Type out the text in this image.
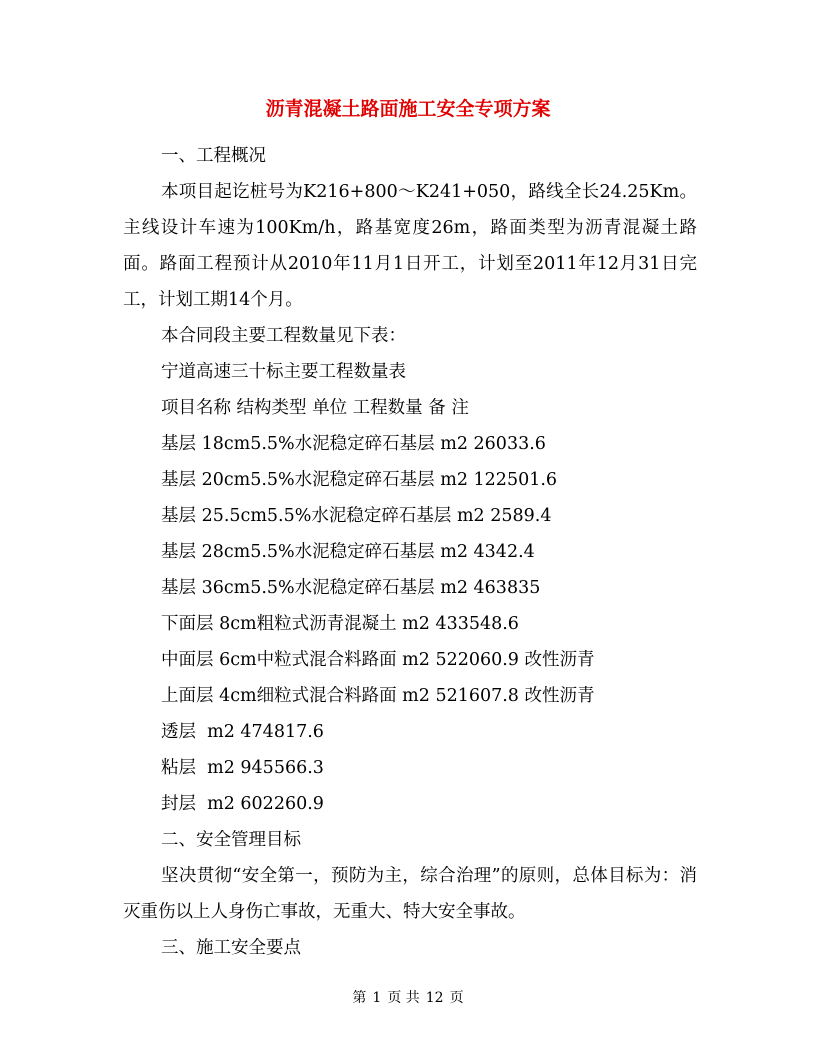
沥青混凝土路面施工安全专项方案

一、工程概况

本项目起讫桩号为K216+800～K241+050，路线全长24.25Km。主线设计车速为100Km/h，路基宽度26m，路面类型为沥青混凝土路面。路面工程预计从2010年11月1日开工，计划至2011年12月31日完工，计划工期14个月。

本合同段主要工程数量见下表：

宁道高速三十标主要工程数量表

项目名称 结构类型 单位 工程数量 备 注

基层 18cm5.5%水泥稳定碎石基层 m2 26033.6

基层 20cm5.5%水泥稳定碎石基层 m2 122501.6

基层 25.5cm5.5%水泥稳定碎石基层 m2 2589.4

基层 28cm5.5%水泥稳定碎石基层 m2 4342.4

基层 36cm5.5%水泥稳定碎石基层 m2 463835

下面层 8cm粗粒式沥青混凝土 m2 433548.6

中面层 6cm中粒式混合料路面 m2 522060.9 改性沥青

上面层 4cm细粒式混合料路面 m2 521607.8 改性沥青

透层  m2 474817.6

粘层  m2 945566.3

封层  m2 602260.9

二、安全管理目标

坚决贯彻“安全第一，预防为主，综合治理”的原则，总体目标为：消灭重伤以上人身伤亡事故，无重大、特大安全事故。

三、施工安全要点

第 1 页 共 12 页
